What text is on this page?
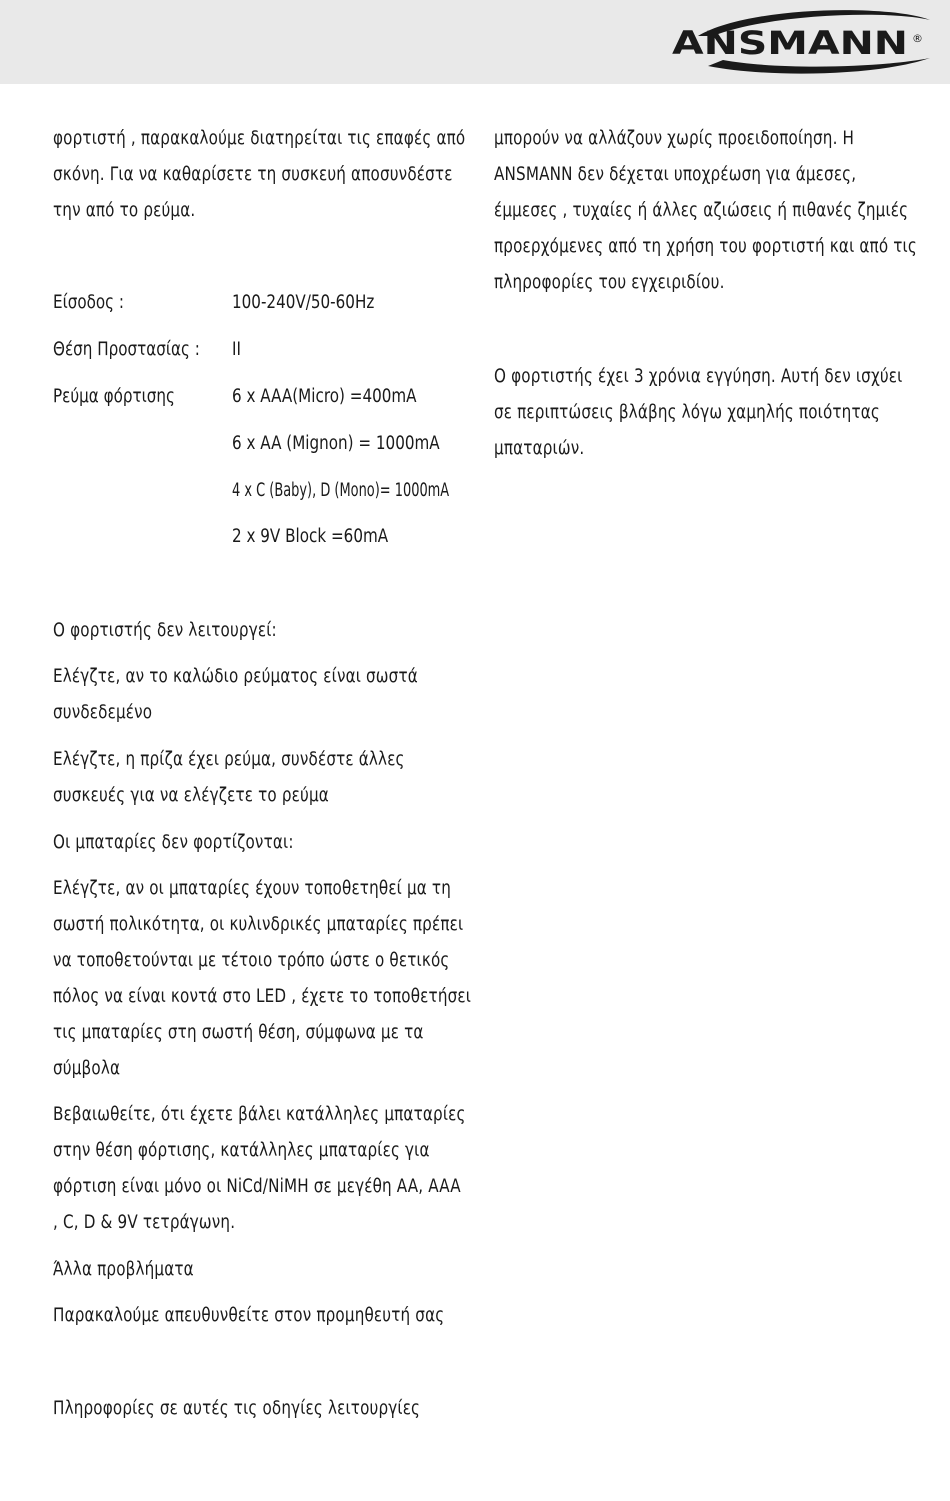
ANSMANN ®
φορτιστή , παρακαλούμε διατηρείται τις επαφές από
σκόνη. Για να καθαρίσετε τη συσκευή αποσυνδέστε
την από το ρεύμα.
Είσοδος :	100-240V/50-60Hz
Θέση Προστασίας : II
Ρεύμα φόρτισης	6 x AAA(Micro) =400mA
6 x AA (Mignon) = 1000mA
4 x C (Baby), D (Mono)= 1000mA
2 x 9V Block =60mA
Ο φορτιστής δεν λειτουργεί:
Ελέγζτε, αν το καλώδιο ρεύματος είναι σωστά
συνδεδεμένο
Ελέγζτε, η πρίζα έχει ρεύμα, συνδέστε άλλες
συσκευές για να ελέγζετε το ρεύμα
Οι μπαταρίες δεν φορτίζονται:
Ελέγζτε, αν οι μπαταρίες έχουν τοποθετηθεί μα τη
σωστή πολικότητα, οι κυλινδρικές μπαταρίες πρέπει
να τοποθετούνται με τέτοιο τρόπο ώστε ο θετικός
πόλος να είναι κοντά στο LED , έχετε το τοποθετήσει
τις μπαταρίες στη σωστή θέση, σύμφωνα με τα
σύμβολα
Βεβαιωθείτε, ότι έχετε βάλει κατάλληλες μπαταρίες
στην θέση φόρτισης, κατάλληλες μπαταρίες για
φόρτιση είναι μόνο οι NiCd/NiMH σε μεγέθη AA, AAA
, C, D & 9V τετράγωνη.
Άλλα προβλήματα
Παρακαλούμε απευθυνθείτε στον προμηθευτή σας
Πληροφορίες σε αυτές τις οδηγίες λειτουργίες
μπορούν να αλλάζουν χωρίς προειδοποίηση. Η
ANSMANN δεν δέχεται υποχρέωση για άμεσες,
έμμεσες , τυχαίες ή άλλες αζιώσεις ή πιθανές ζημιές
προερχόμενες από τη χρήση του φορτιστή και από τις
πληροφορίες του εγχειριδίου.
Ο φορτιστής έχει 3 χρόνια εγγύηση. Αυτή δεν ισχύει
σε περιπτώσεις βλάβης λόγω χαμηλής ποιότητας
μπαταριών.
